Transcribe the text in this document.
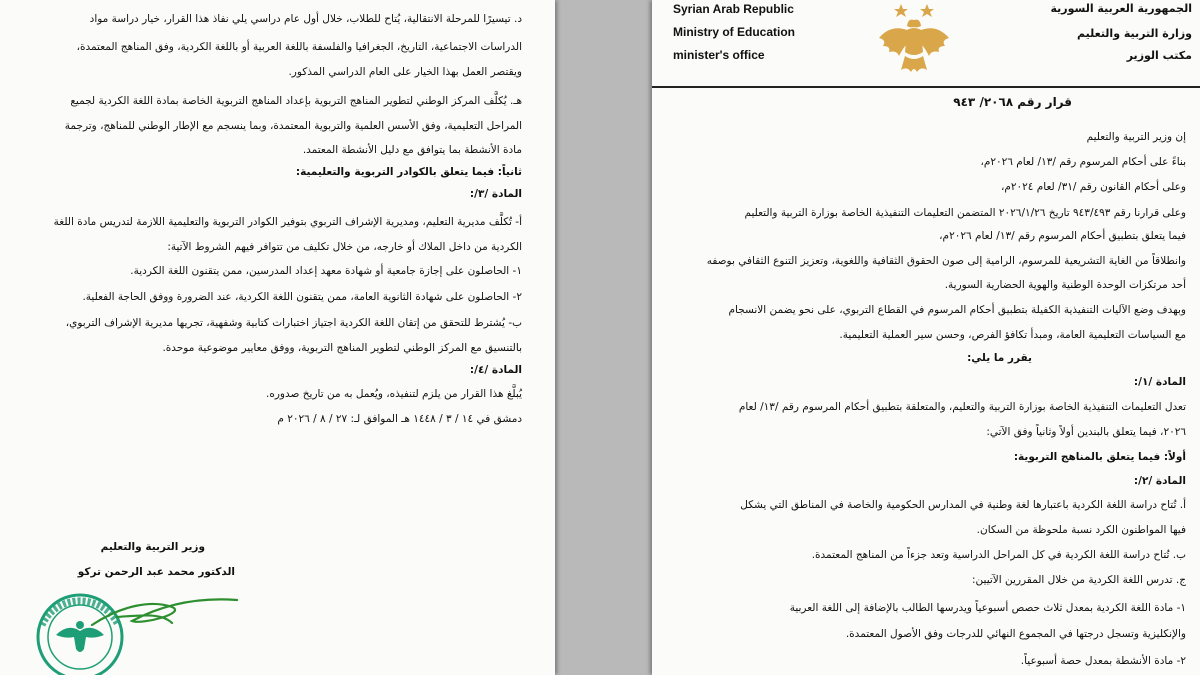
د. تيسيرًا للمرحلة الانتقالية، يُتاح للطلاب، خلال أول عام دراسي يلي نفاذ هذا القرار، خيار دراسة مواد
الدراسات الاجتماعية، التاريخ، الجغرافيا والفلسفة باللغة العربية أو باللغة الكردية، وفق المناهج المعتمدة،
ويقتصر العمل بهذا الخيار على العام الدراسي المذكور.
هـ. يُكلَّف المركز الوطني لتطوير المناهج التربوية بإعداد المناهج التربوية الخاصة بمادة اللغة الكردية لجميع
المراحل التعليمية، وفق الأسس العلمية والتربوية المعتمدة، وبما ينسجم مع الإطار الوطني للمناهج، وترجمة
مادة الأنشطة بما يتوافق مع دليل الأنشطة المعتمد.
ثانياً: فيما يتعلق بالكوادر التربوية والتعليمية:
المادة /٣/:
أ- تُكلَّف مديرية التعليم، ومديرية الإشراف التربوي بتوفير الكوادر التربوية والتعليمية اللازمة لتدريس مادة اللغة
الكردية من داخل الملاك أو خارجه، من خلال تكليف من تتوافر فيهم الشروط الآتية:
١- الحاصلون على إجازة جامعية أو شهادة معهد إعداد المدرسين، ممن يتقنون اللغة الكردية.
٢- الحاصلون على شهادة الثانوية العامة، ممن يتقنون اللغة الكردية، عند الضرورة ووفق الحاجة الفعلية.
ب- يُشترط للتحقق من إتقان اللغة الكردية اجتياز اختبارات كتابية وشفهية، تجريها مديرية الإشراف التربوي،
بالتنسيق مع المركز الوطني لتطوير المناهج التربوية، ووفق معايير موضوعية موحدة.
المادة /٤/:
يُبلَّغ هذا القرار من يلزم لتنفيذه، ويُعمل به من تاريخ صدوره.
دمشق في ١٤ / ٣ / ١٤٤٨ هـ الموافق لـ: ٢٧ / ٨ / ٢٠٢٦ م
وزير التربية والتعليم
الدكتور محمد عبد الرحمن تركو
Syrian Arab Republic
Ministry of Education
minister's office
الجمهورية العربية السورية
وزارة التربية والتعليم
مكتب الوزير
قرار رقم ٢٠٦٨/ ٩٤٣
إن وزير التربية والتعليم
بناءً على أحكام المرسوم رقم /١٣/ لعام ٢٠٢٦م،
وعلى أحكام القانون رقم /٣١/ لعام ٢٠٢٤م،
وعلى قرارنا رقم ٩٤٣/٤٩٣ تاريخ ٢٠٢٦/١/٢٦ المتضمن التعليمات التنفيذية الخاصة بوزارة التربية والتعليم
فيما يتعلق بتطبيق أحكام المرسوم رقم /١٣/ لعام ٢٠٢٦م،
وانطلاقاً من الغاية التشريعية للمرسوم، الرامية إلى صون الحقوق الثقافية واللغوية، وتعزيز التنوع الثقافي بوصفه
أحد مرتكزات الوحدة الوطنية والهوية الحضارية السورية.
وبهدف وضع الآليات التنفيذية الكفيلة بتطبيق أحكام المرسوم في القطاع التربوي، على نحو يضمن الانسجام
مع السياسات التعليمية العامة، ومبدأ تكافؤ الفرص، وحسن سير العملية التعليمية.
يقرر ما يلي:
المادة /١/:
تعدل التعليمات التنفيذية الخاصة بوزارة التربية والتعليم، والمتعلقة بتطبيق أحكام المرسوم رقم /١٣/ لعام
٢٠٢٦، فيما يتعلق بالبندين أولاً وثانياً وفق الآتي:
أولاً: فيما يتعلق بالمناهج التربوية:
المادة /٢/:
أ. تُتاح دراسة اللغة الكردية باعتبارها لغة وطنية في المدارس الحكومية والخاصة في المناطق التي يشكل
فيها المواطنون الكرد نسبة ملحوظة من السكان.
ب. تُتاح دراسة اللغة الكردية في كل المراحل الدراسية وتعد جزءاً من المناهج المعتمدة.
ج. تدرس اللغة الكردية من خلال المقررين الآتيين:
١- مادة اللغة الكردية بمعدل ثلاث حصص أسبوعياً ويدرسها الطالب بالإضافة إلى اللغة العربية
والإنكليزية وتسجل درجتها في المجموع النهائي للدرجات وفق الأصول المعتمدة.
٢- مادة الأنشطة بمعدل حصة أسبوعياً.
